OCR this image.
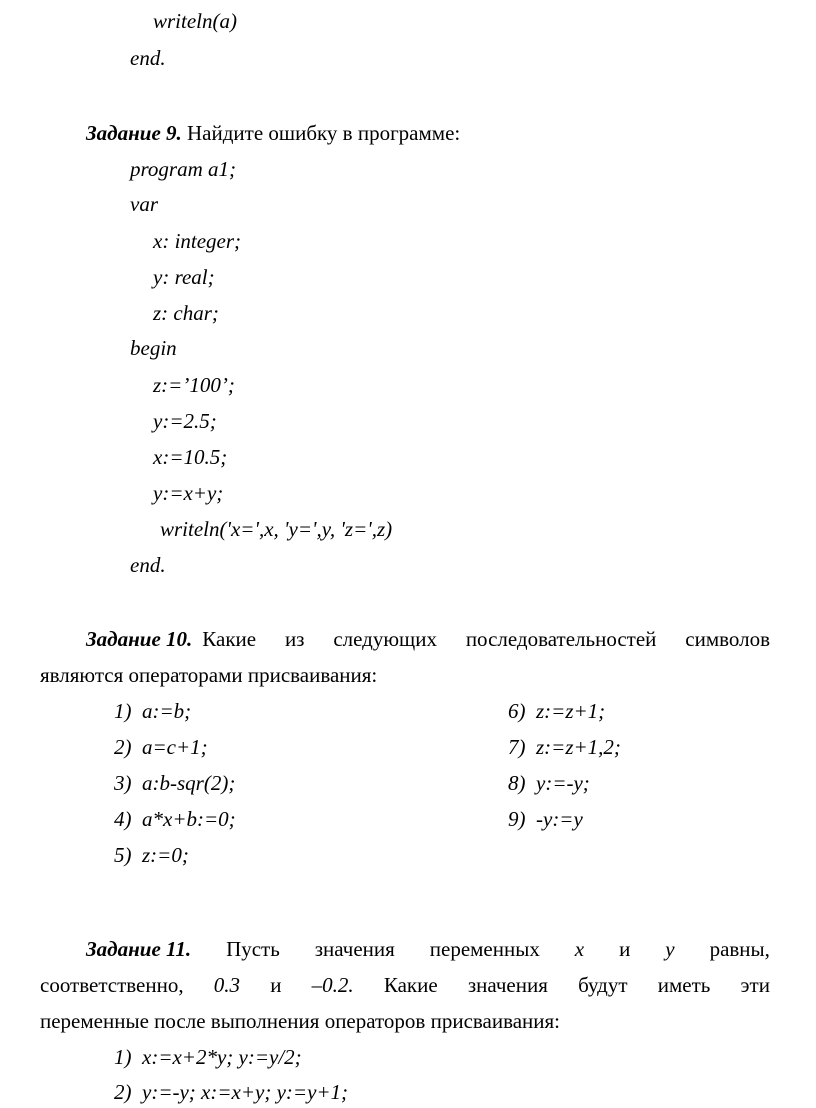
writeln(a)
end.
Задание 9. Найдите ошибку в программе:
program a1;
var
x: integer;
y: real;
z: char;
begin
z:=’100’;
y:=2.5;
x:=10.5;
y:=x+y;
writeln('x=',x, 'y=',y, 'z=',z)
end.
Задание 10. Какие из следующих последовательностей символов
являются операторами присваивания:
1) a:=b;
2) a=c+1;
3) a:b-sqr(2);
4) a*x+b:=0;
5) z:=0;
6) z:=z+1;
7) z:=z+1,2;
8) y:=-y;
9) -y:=y
Задание 11. Пусть значения переменных x и y равны,
соответственно, 0.3 и –0.2. Какие значения будут иметь эти
переменные после выполнения операторов присваивания:
1) x:=x+2*y; y:=y/2;
2) y:=-y; x:=x+y; y:=y+1;
